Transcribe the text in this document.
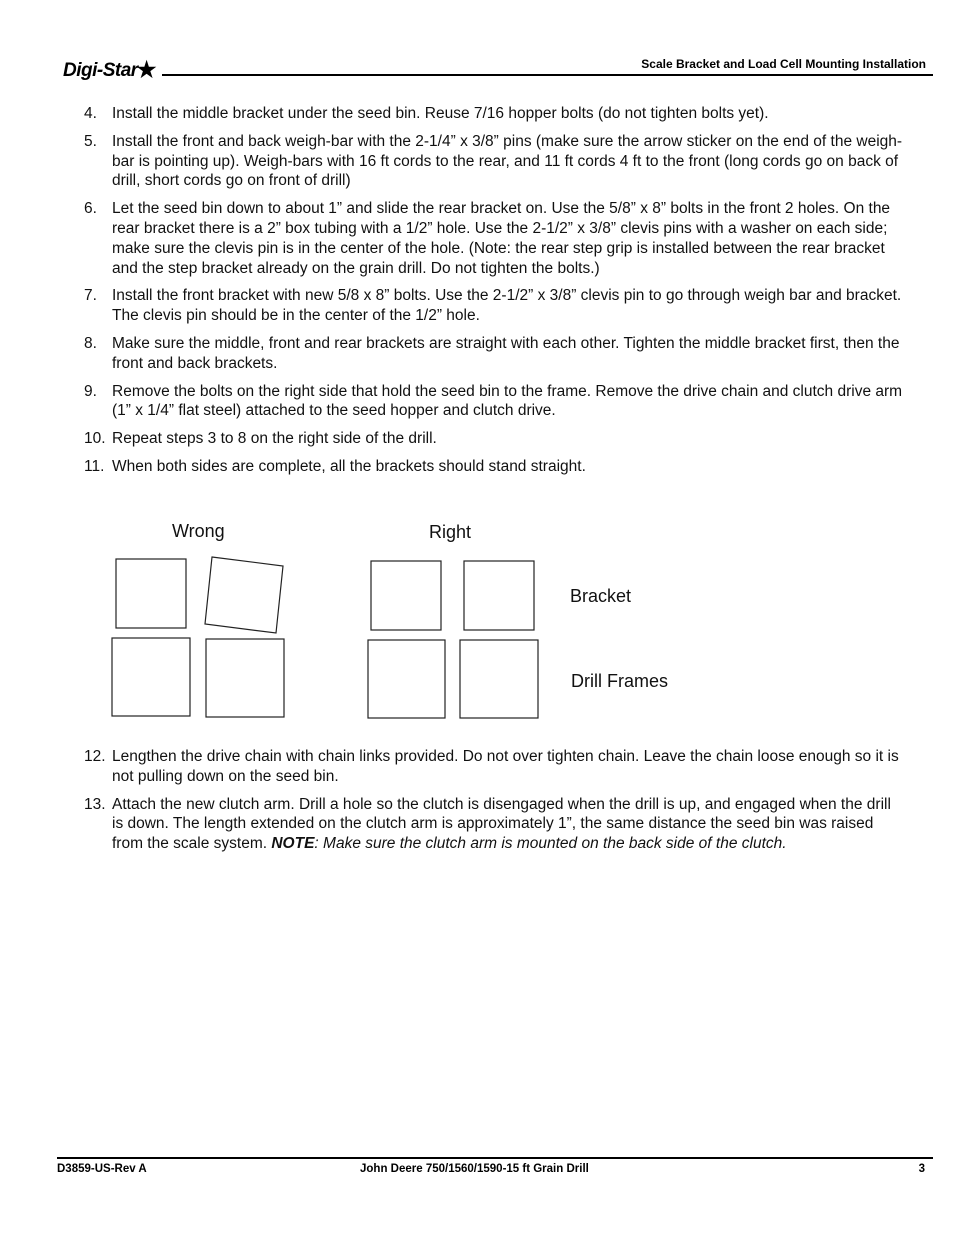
Digi-Star★	Scale Bracket and Load Cell Mounting Installation
4. Install the middle bracket under the seed bin. Reuse 7/16 hopper bolts (do not tighten bolts yet).
5. Install the front and back weigh-bar with the 2-1/4” x 3/8” pins (make sure the arrow sticker on the end of the weigh-bar is pointing up). Weigh-bars with 16 ft cords to the rear, and 11 ft cords 4 ft to the front (long cords go on back of drill, short cords go on front of drill)
6. Let the seed bin down to about 1” and slide the rear bracket on. Use the 5/8” x 8” bolts in the front 2 holes. On the rear bracket there is a 2” box tubing with a 1/2” hole. Use the 2-1/2” x 3/8” clevis pins with a washer on each side; make sure the clevis pin is in the center of the hole. (Note: the rear step grip is installed between the rear bracket and the step bracket already on the grain drill. Do not tighten the bolts.)
7. Install the front bracket with new 5/8 x 8” bolts. Use the 2-1/2” x 3/8” clevis pin to go through weigh bar and bracket. The clevis pin should be in the center of the 1/2” hole.
8. Make sure the middle, front and rear brackets are straight with each other. Tighten the middle bracket first, then the front and back brackets.
9. Remove the bolts on the right side that hold the seed bin to the frame. Remove the drive chain and clutch drive arm (1” x 1/4” flat steel) attached to the seed hopper and clutch drive.
10. Repeat steps 3 to 8 on the right side of the drill.
11. When both sides are complete, all the brackets should stand straight.
Wrong	Right
Bracket
Drill Frames
12. Lengthen the drive chain with chain links provided. Do not over tighten chain. Leave the chain loose enough so it is not pulling down on the seed bin.
13. Attach the new clutch arm. Drill a hole so the clutch is disengaged when the drill is up, and engaged when the drill is down. The length extended on the clutch arm is approximately 1”, the same distance the seed bin was raised from the scale system. NOTE: Make sure the clutch arm is mounted on the back side of the clutch.
D3859-US-Rev A	John Deere 750/1560/1590-15 ft Grain Drill	3
